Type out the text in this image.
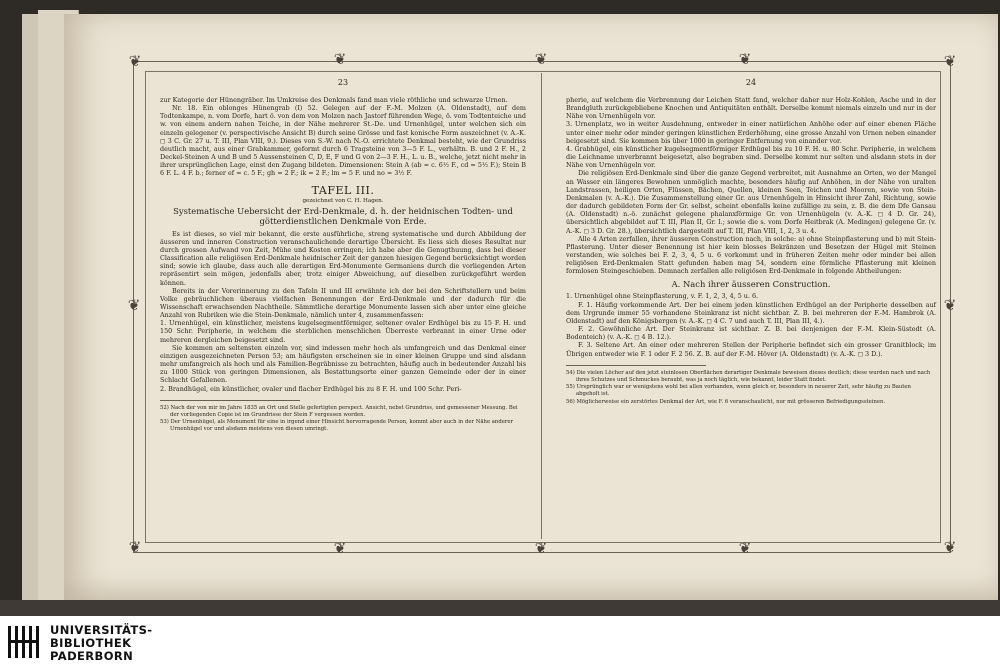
❦	❦
❦	❦
❦	❦	❦
❦	❦	❦
❦	❦
23

zur Kategorie der Hünengräber. Im Umkreise des Denkmals fand man viele röthliche und schwarze Urnen.

Nr. 18. Ein oblonges Hünengrab (I) 52. Gelegen auf der F.-M. Molzen (A. Oldenstadt), auf dem Todtenkampe, n. vom Dorfe, hart ö. von dem von Molzen nach Jastorf führenden Wege, ö. vom Todtenteiche und w. von einem andern nahen Teiche, in der Nähe mehrerer St.-De. und Urnenhügel, unter welchen sich ein einzeln gelegener (v. perspectivische Ansicht B) durch seine Grösse und fast konische Form auszeichnet (v. A.-K. ◻ 3 C. Gr. 27 u. T. III, Plan VIII, 9.). Dieses von S.-W. nach N.-O. errichtete Denkmal besteht, wie der Grundriss deutlich macht, aus einer Grabkammer, geformt durch 6 Tragsteine von 3—5 F. L., verhältn. B. und 2 F. H., 2 Deckel-Steinen A und B und 5 Aussensteinen C, D, E, F und G von 2—3 F. H., L. u. B., welche, jetzt nicht mehr in ihrer ursprünglichen Lage, einst den Zugang bildeten. Dimensionen: Stein A (ab = c. 6½ F., cd = 5½ F.); Stein B 6 F. L. 4 F. b.; ferner ef = c. 5 F.; gh = 2 F.; ik = 2 F.; lm = 5 F. und no = 3½ F.

TAFEL III.
gezeichnet von C. H. Hagen.
Systematische Uebersicht der Erd-Denkmale, d. h. der heidnischen Todten- und götterdienstlichen Denkmale von Erde.

Es ist dieses, so viel mir bekannt, die erste ausführliche, streng systematische und durch Abbildung der äusseren und inneren Construction veranschaulichende derartige Übersicht. Es liess sich dieses Resultat nur durch grossen Aufwand von Zeit, Mühe und Kosten erringen; ich habe aber die Genugthuung, dass bei dieser Classification alle religiösen Erd-Denkmale heidnischer Zeit der ganzen hiesigen Gegend berücksichtigt worden sind; sowie ich glaube, dass auch alle derartigen Erd-Monumente Germaniens durch die vorliegenden Arten repräsentirt sein mögen, jedenfalls aber, trotz einiger Abweichung, auf dieselben zurückgeführt werden können.

Bereits in der Vorerinnerung zu den Tafeln II und III erwähnte ich der bei den Schriftstellern und beim Volke gebräuchlichen überaus vielfachen Benennungen der Erd-Denkmale und der dadurch für die Wissenschaft erwachsenden Nachtheile. Sämmtliche derartige Monumente lassen sich aber unter eine gleiche Anzahl von Rubriken wie die Stein-Denkmale, nämlich unter 4, zusammenfassen:

1. Urnenhügel, ein künstlicher, meistens kugelsegmentförmiger, seltener ovaler Erdhügel bis zu 15 F. H. und 150 Schr. Peripherie, in welchem die sterblichen menschlichen Überreste verbrannt in einer Urne oder mehreren dergleichen beigesetzt sind.

Sie kommen am seltensten einzeln vor, sind indessen mehr hoch als umfangreich und das Denkmal einer einzigen ausgezeichneten Person 53; am häufigsten erscheinen sie in einer kleinen Gruppe und sind alsdann mehr umfangreich als hoch und als Familien-Begräbnisse zu betrachten, häufig auch in bedeutender Anzahl bis zu 1000 Stück von geringen Dimensionen, als Bestattungsorte einer ganzen Gemeinde oder der in einer Schlacht Gefallenen.

2. Brandhügel, ein künstlicher, ovaler und flacher Erdhügel bis zu 8 F. H. und 100 Schr. Peri-

52) Nach der von mir im Jahre 1835 an Ort und Stelle gefertigten perspect. Ansicht, nebst Grundriss, und gemessener Messung. Bei der vorliegenden Copie ist im Grundrisse der Stein F vergessen worden.

53) Der Urnenhügel, als Monument für eine in irgend einer Hinsicht hervorragende Person, kommt aber auch in der Nähe anderer Urnenhügel vor und alsdann meistens von diesen umringt.

24

pherie, auf welchem die Verbrennung der Leichen Statt fand, welcher daher nur Holz-Kohlen, Asche und in der Brandgluth zurückgebliebene Knochen und Antiquitäten enthält. Derselbe kommt niemals einzeln und nur in der Nähe von Urnenhügeln vor.

3. Urnenplatz, wo in weiter Ausdehnung, entweder in einer natürlichen Anhöhe oder auf einer ebenen Fläche unter einer mehr oder minder geringen künstlichen Erderhöhung, eine grosse Anzahl von Urnen neben einander beigesetzt sind. Sie kommen bis über 1000 in geringer Entfernung von einander vor.

4. Grabhügel, ein künstlicher kugelsegmentförmiger Erdhügel bis zu 10 F. H. u. 80 Schr. Peripherie, in welchem die Leichname unverbrannt beigesetzt, also begraben sind. Derselbe kommt nur selten und alsdann stets in der Nähe von Urnenhügeln vor.

Die religiösen Erd-Denkmale sind über die ganze Gegend verbreitet, mit Ausnahme an Orten, wo der Mangel an Wasser ein längeres Bewohnen unmöglich machte, besonders häufig auf Anhöhen, in der Nähe von uralten Landstrassen, heiligen Orten, Flüssen, Bächen, Quellen, kleinen Seen, Teichen und Mooren, sowie von Stein-Denkmalen (v. A.-K.). Die Zusammenstellung einer Gr. aus Urnenhügeln in Hinsicht ihrer Zahl, Richtung, sowie der dadurch gebildeten Form der Gr. selbst, scheint ebenfalls keine zufällige zu sein, z. B. die dem Dfe Gansau (A. Oldenstadt) n.-ö. zunächst gelegene phalanxförmige Gr. von Urnenhügeln (v. A.-K. ◻ 4 D. Gr. 24), übersichtlich abgebildet auf T. III, Plan II, Gr. I.; sowie die s. vom Dorfe Heitbrak (A. Medingen) gelegene Gr. (v. A.-K. ◻ 3 D. Gr. 28.), übersichtlich dargestellt auf T. III, Plan VIII, 1, 2, 3 u. 4.

Alle 4 Arten zerfallen, ihrer äusseren Construction nach, in solche: a) ohne Steinpflasterung und b) mit Stein-Pflasterung. Unter dieser Benennung ist hier kein blosses Bekränzen und Besetzen der Hügel mit Steinen verstanden, wie solches bei F. 2, 3, 4, 5 u. 6 vorkommt und in früheren Zeiten mehr oder minder bei allen religiösen Erd-Denkmalen Statt gefunden haben mag 54, sondern eine förmliche Pflasterung mit kleinen formlosen Steingeschieben. Demnach zerfallen alle religiösen Erd-Denkmale in folgende Abtheilungen:

A. Nach ihrer äusseren Construction.

1. Urnenhügel ohne Steinpflasterung, v. F. 1, 2, 3, 4, 5 u. 6.

F. 1. Häufig vorkommende Art. Der bei einem jeden künstlichen Erdhügel an der Peripherie desselben auf dem Urgrunde immer 55 vorhandene Steinkranz ist nicht sichtbar. Z. B. bei mehreren der F.-M. Hambrok (A. Oldenstadt) auf den Königsbergen (v. A.-K. ◻ 4 C. 7 und auch T. III, Plan III, 4.).

F. 2. Gewöhnliche Art. Der Steinkranz ist sichtbar. Z. B. bei denjenigen der F.-M. Klein-Süstedt (A. Bodenteich) (v. A.-K. ◻ 4 B. 12.).

F. 3. Seltene Art. An einer oder mehreren Stellen der Peripherie befindet sich ein grosser Granitblock; im Übrigen entweder wie F. 1 oder F. 2 56. Z. B. auf der F.-M. Höver (A. Oldenstadt) (v. A.-K. ◻ 3 D.).

54) Die vielen Löcher auf den jetzt steinlosen Oberflächen derartiger Denkmale beweisen dieses deutlich; diese wurden nach und nach ihres Schutzes und Schmuckes beraubt, was ja noch täglich, wie bekannt, leider Statt findet.

55) Ursprünglich war er wenigstens wohl bei allen vorhanden, wenn gleich er, besonders in neuerer Zeit, sehr häufig zu Bauten abgeholt ist.

56) Möglicherweise ein zerstörtes Denkmal der Art, wie F. 6 veranschaulicht, nur mit grösseren Befriedigungssteinen.

UNIVERSITÄTS-
BIBLIOTHEK
PADERBORN
